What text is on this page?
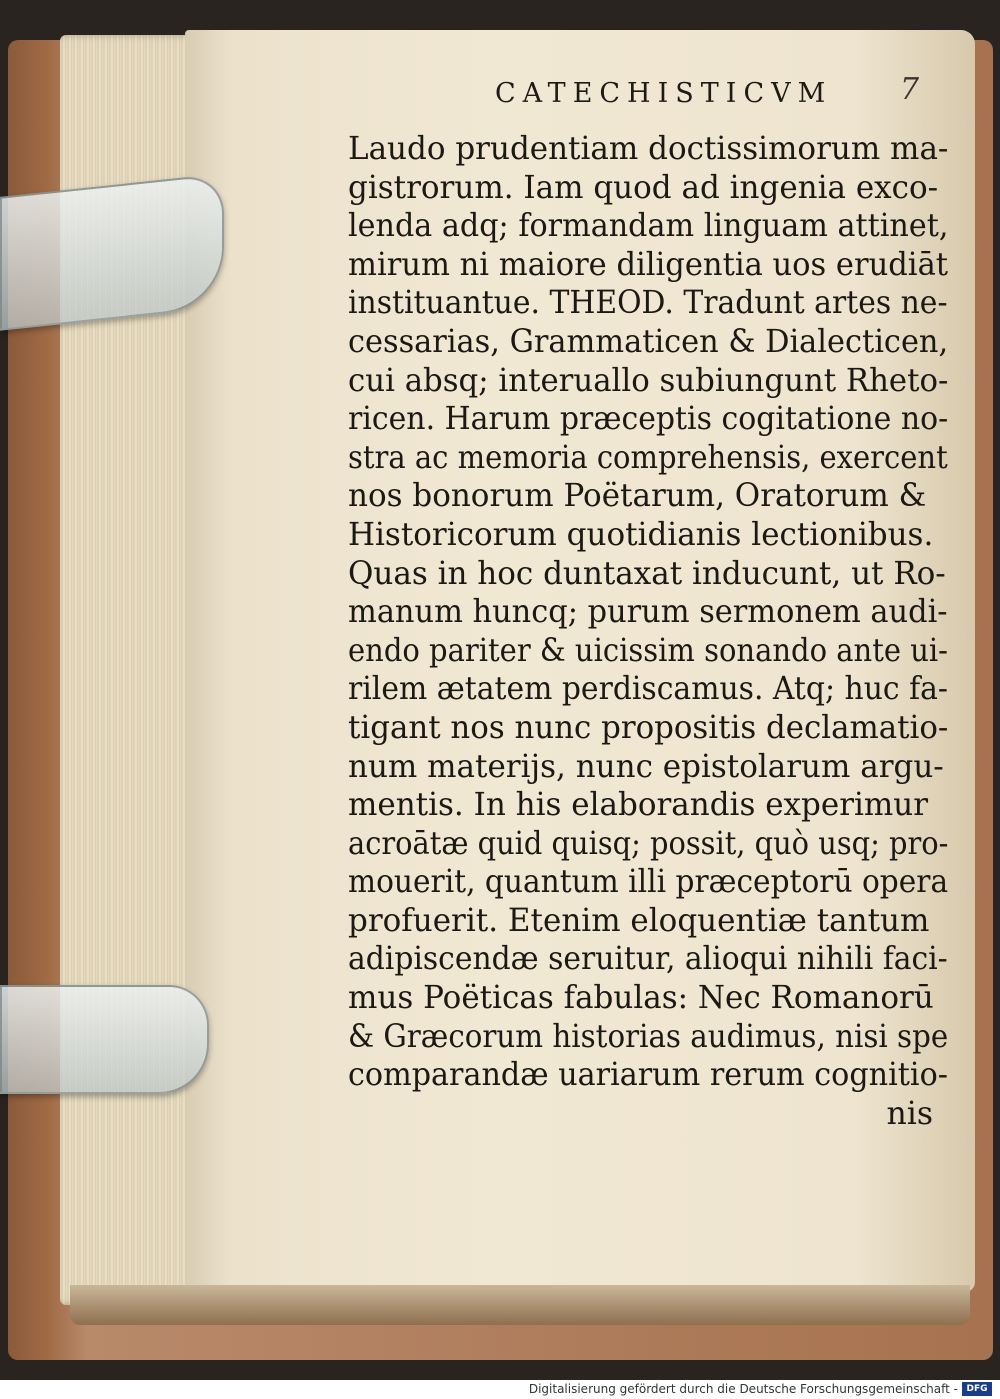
CATECHISTICVM	7
Laudo prudentiam doctissimorum ma-
gistrorum. Iam quod ad ingenia exco-
lenda adq; formandam linguam attinet,
mirum ni maiore diligentia uos erudiāt
instituantue. THEOD. Tradunt artes ne-
cessarias, Grammaticen & Dialecticen,
cui absq; interuallo subiungunt Rheto-
ricen. Harum præceptis cogitatione no-
stra ac memoria comprehensis, exercent
nos bonorum Poëtarum, Oratorum &
Historicorum quotidianis lectionibus.
Quas in hoc duntaxat inducunt, ut Ro-
manum huncq; purum sermonem audi-
endo pariter & uicissim sonando ante ui-
rilem ætatem perdiscamus. Atq; huc fa-
tigant nos nunc propositis declamatio-
num materijs, nunc epistolarum argu-
mentis. In his elaborandis experimur
acroātæ quid quisq; possit, quò usq; pro-
mouerit, quantum illi præceptorū opera
profuerit. Etenim eloquentiæ tantum
adipiscendæ seruitur, alioqui nihili faci-
mus Poëticas fabulas: Nec Romanorū
& Græcorum historias audimus, nisi spe
comparandæ uariarum rerum cognitio-
nis
Digitalisierung gefördert durch die Deutsche Forschungsgemeinschaft - DFG
